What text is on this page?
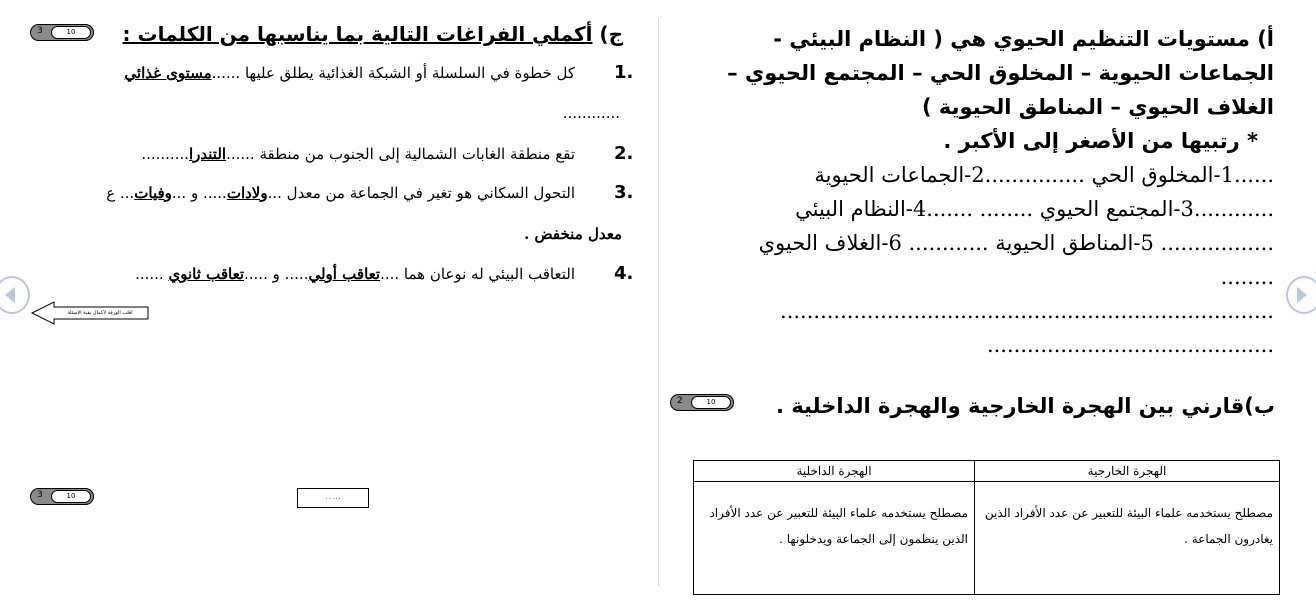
أ) مستويات التنظيم الحيوي هي ( النظام البيئي -
الجماعات الحيوية – المخلوق الحي – المجتمع الحيوي –
الغلاف الحيوي – المناطق الحيوية )
* رتبيها من الأصغر إلى الأكبر .
......1-المخلوق الحي ...............2-الجماعات الحيوية
............3-المجتمع الحيوي ........ .......4-النظام البيئي
................. 5-المناطق الحيوية ............ 6-الغلاف الحيوي
........
..........................................................................
...........................................
ب)قارني بين الهجرة الخارجية والهجرة الداخلية .
2	10
الهجرة الخارجية	الهجرة الداخلية
مصطلح يستخدمه علماء البيئة للتعبير عن عدد الأفراد الذين يغادرون الجماعة .	مصطلح يستخدمه علماء البيئة للتعبير عن عدد الأفراد الذين ينظمون إلى الجماعة ويدخلونها .
3	10	ج) أكملي الفراغات التالية بما يناسبها من الكلمات :
1.
كل خطوة في السلسلة أو الشبكة الغذائية يطلق عليها ......مستوى غذائي
............
2.
تقع منطقة الغابات الشمالية إلى الجنوب من منطقة ......التندرا..........
3.
التحول السكاني هو تغير في الجماعة من معدل ...ولادات..... و ...وفيات... ع
معدل منخفض .
4.
التعاقب البيئي له نوعان هما ....تعاقب أولي..... و .....تعاقب ثانوي ......
اقلب الورقة لاكمال بقية الاسئلة
3	10	، ، ، ، ،
